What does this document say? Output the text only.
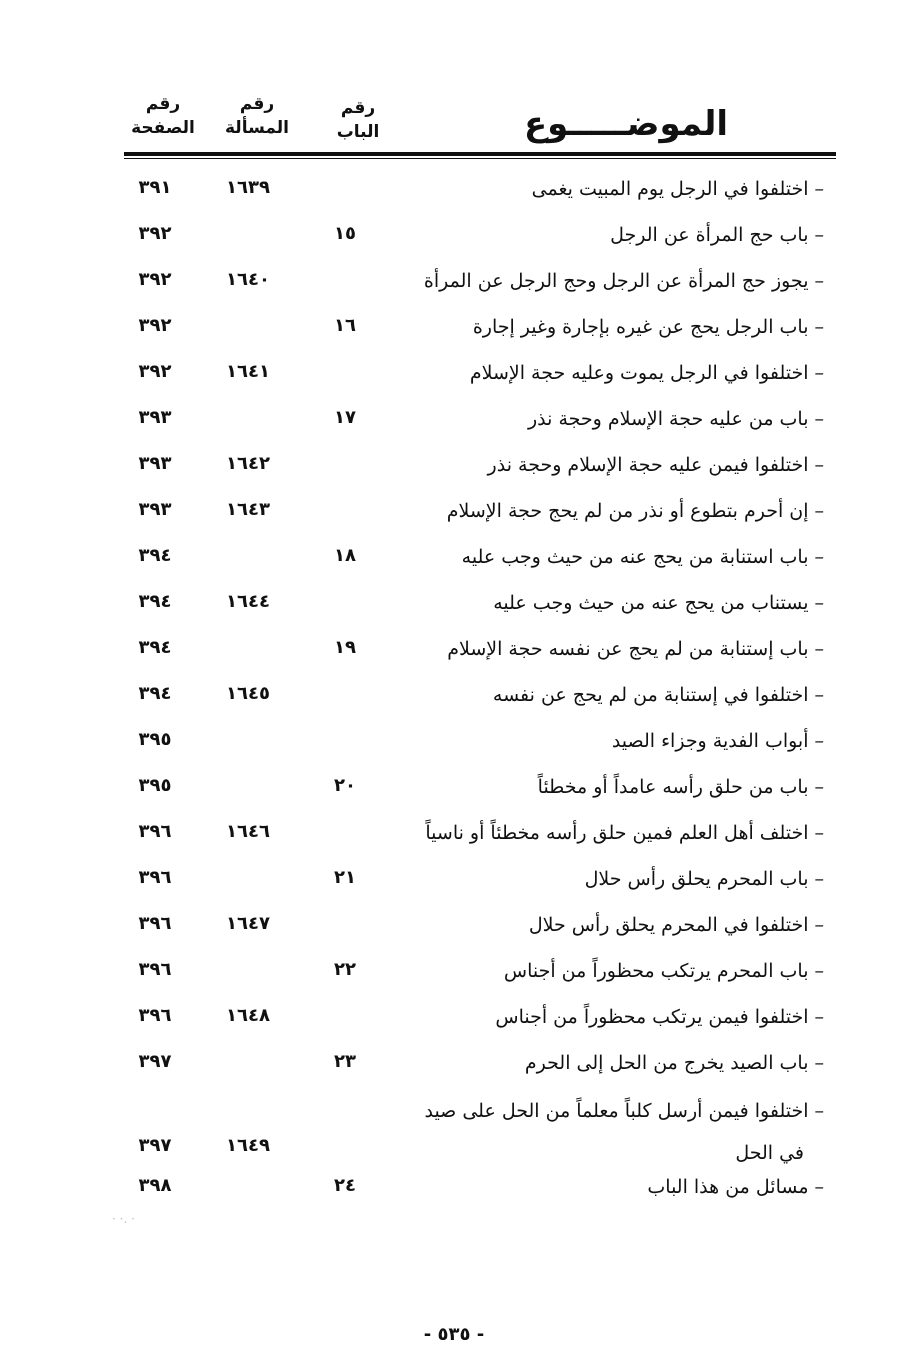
رقم
الباب
رقم
المسألة
رقم
الصفحة	الموضـــــوع
–اختلفوا في الرجل يوم المبيت يغمى
١٦٣٩
٣٩١
–باب حج المرأة عن الرجل
١٥
٣٩٢
–يجوز حج المرأة عن الرجل وحج الرجل عن المرأة
١٦٤٠
٣٩٢
–باب الرجل يحج عن غيره بإجارة وغير إجارة
١٦
٣٩٢
–اختلفوا في الرجل يموت وعليه حجة الإسلام
١٦٤١
٣٩٢
–باب من عليه حجة الإسلام وحجة نذر
١٧
٣٩٣
–اختلفوا فيمن عليه حجة الإسلام وحجة نذر
١٦٤٢
٣٩٣
–إن أحرم بتطوع أو نذر من لم يحج حجة الإسلام
١٦٤٣
٣٩٣
–باب استنابة من يحج عنه من حيث وجب عليه
١٨
٣٩٤
–يستناب من يحج عنه من حيث وجب عليه
١٦٤٤
٣٩٤
–باب إستنابة من لم يحج عن نفسه حجة الإسلام
١٩
٣٩٤
–اختلفوا في إستنابة من لم يحج عن نفسه
١٦٤٥
٣٩٤
–أبواب الفدية وجزاء الصيد
٣٩٥
–باب من حلق رأسه عامداً أو مخطئاً
٢٠
٣٩٥
–اختلف أهل العلم فمين حلق رأسه مخطئاً أو ناسياً
١٦٤٦
٣٩٦
–باب المحرم يحلق رأس حلال
٢١
٣٩٦
–اختلفوا في المحرم يحلق رأس حلال
١٦٤٧
٣٩٦
–باب المحرم يرتكب محظوراً من أجناس
٢٢
٣٩٦
–اختلفوا فيمن يرتكب محظوراً من أجناس
١٦٤٨
٣٩٦
–باب الصيد يخرج من الحل إلى الحرم
٢٣
٣٩٧
–اختلفوا فيمن أرسل كلباً معلماً من الحل على صيد
في الحل
١٦٤٩
٣٩٧
–مسائل من هذا الباب
٢٤
٣٩٨
· ·. ·
- ٥٣٥ -
